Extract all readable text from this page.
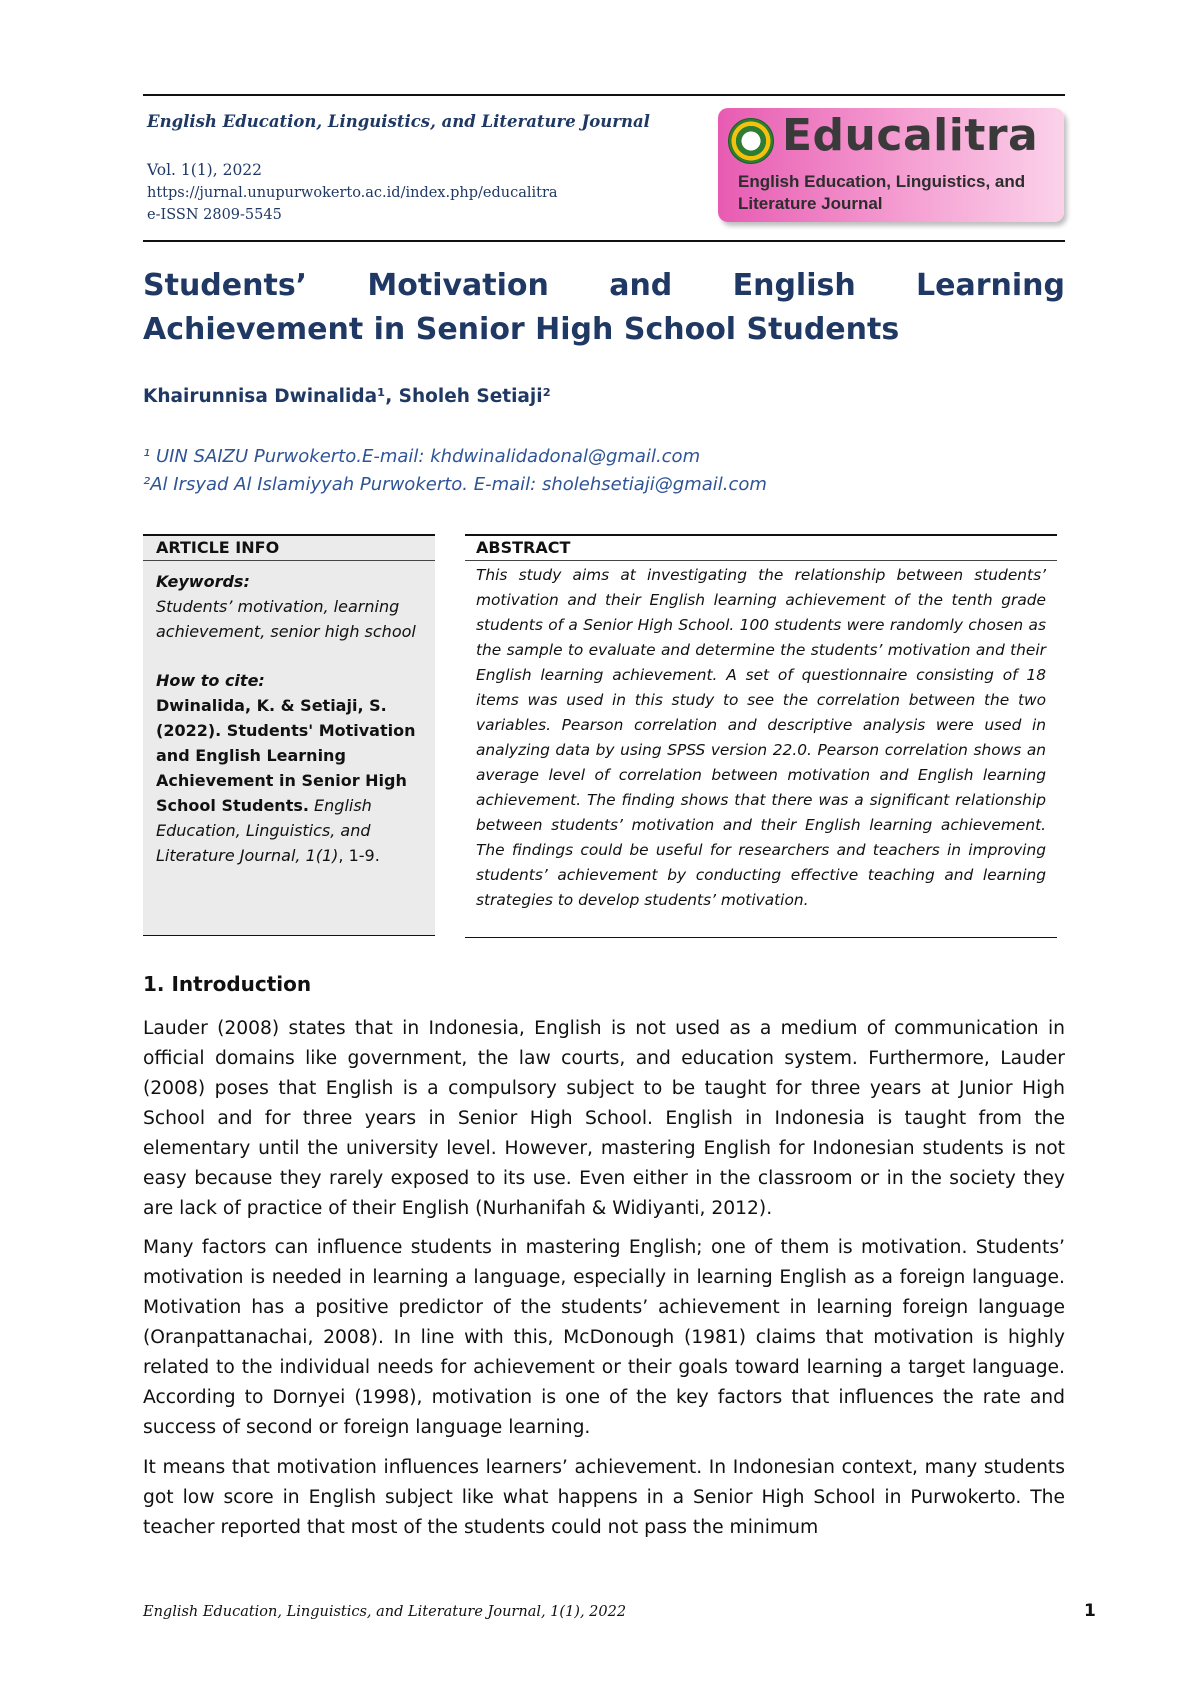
English Education, Linguistics, and Literature Journal
Vol. 1(1), 2022
https://jurnal.unupurwokerto.ac.id/index.php/educalitra
e-ISSN 2809-5545
Educalitra
English Education, Linguistics, and
Literature Journal
Students’ Motivation and English Learning Achievement in Senior High School Students
Khairunnisa Dwinalida¹, Sholeh Setiaji²
¹ UIN SAIZU Purwokerto.E-mail: khdwinalidadonal@gmail.com
²Al Irsyad Al Islamiyyah Purwokerto. E-mail: sholehsetiaji@gmail.com
ARTICLE INFO
Keywords:
Students’ motivation, learning achievement, senior high school
How to cite:
Dwinalida, K. & Setiaji, S. (2022). Students' Motivation and English Learning Achievement in Senior High School Students. English Education, Linguistics, and Literature Journal, 1(1), 1-9.
ABSTRACT
This study aims at investigating the relationship between students’ motivation and their English learning achievement of the tenth grade students of a Senior High School. 100 students were randomly chosen as the sample to evaluate and determine the students’ motivation and their English learning achievement. A set of questionnaire consisting of 18 items was used in this study to see the correlation between the two variables. Pearson correlation and descriptive analysis were used in analyzing data by using SPSS version 22.0. Pearson correlation shows an average level of correlation between motivation and English learning achievement. The finding shows that there was a significant relationship between students’ motivation and their English learning achievement. The findings could be useful for researchers and teachers in improving students’ achievement by conducting effective teaching and learning strategies to develop students’ motivation.
1. Introduction

Lauder (2008) states that in Indonesia, English is not used as a medium of communication in official domains like government, the law courts, and education system. Furthermore, Lauder (2008) poses that English is a compulsory subject to be taught for three years at Junior High School and for three years in Senior High School. English in Indonesia is taught from the elementary until the university level. However, mastering English for Indonesian students is not easy because they rarely exposed to its use. Even either in the classroom or in the society they are lack of practice of their English (Nurhanifah & Widiyanti, 2012).

Many factors can influence students in mastering English; one of them is motivation. Students’ motivation is needed in learning a language, especially in learning English as a foreign language. Motivation has a positive predictor of the students’ achievement in learning foreign language (Oranpattanachai, 2008). In line with this, McDonough (1981) claims that motivation is highly related to the individual needs for achievement or their goals toward learning a target language. According to Dornyei (1998), motivation is one of the key factors that influences the rate and success of second or foreign language learning.

It means that motivation influences learners’ achievement. In Indonesian context, many students got low score in English subject like what happens in a Senior High School in Purwokerto. The teacher reported that most of the students could not pass the minimum

English Education, Linguistics, and Literature Journal, 1(1), 2022	1
